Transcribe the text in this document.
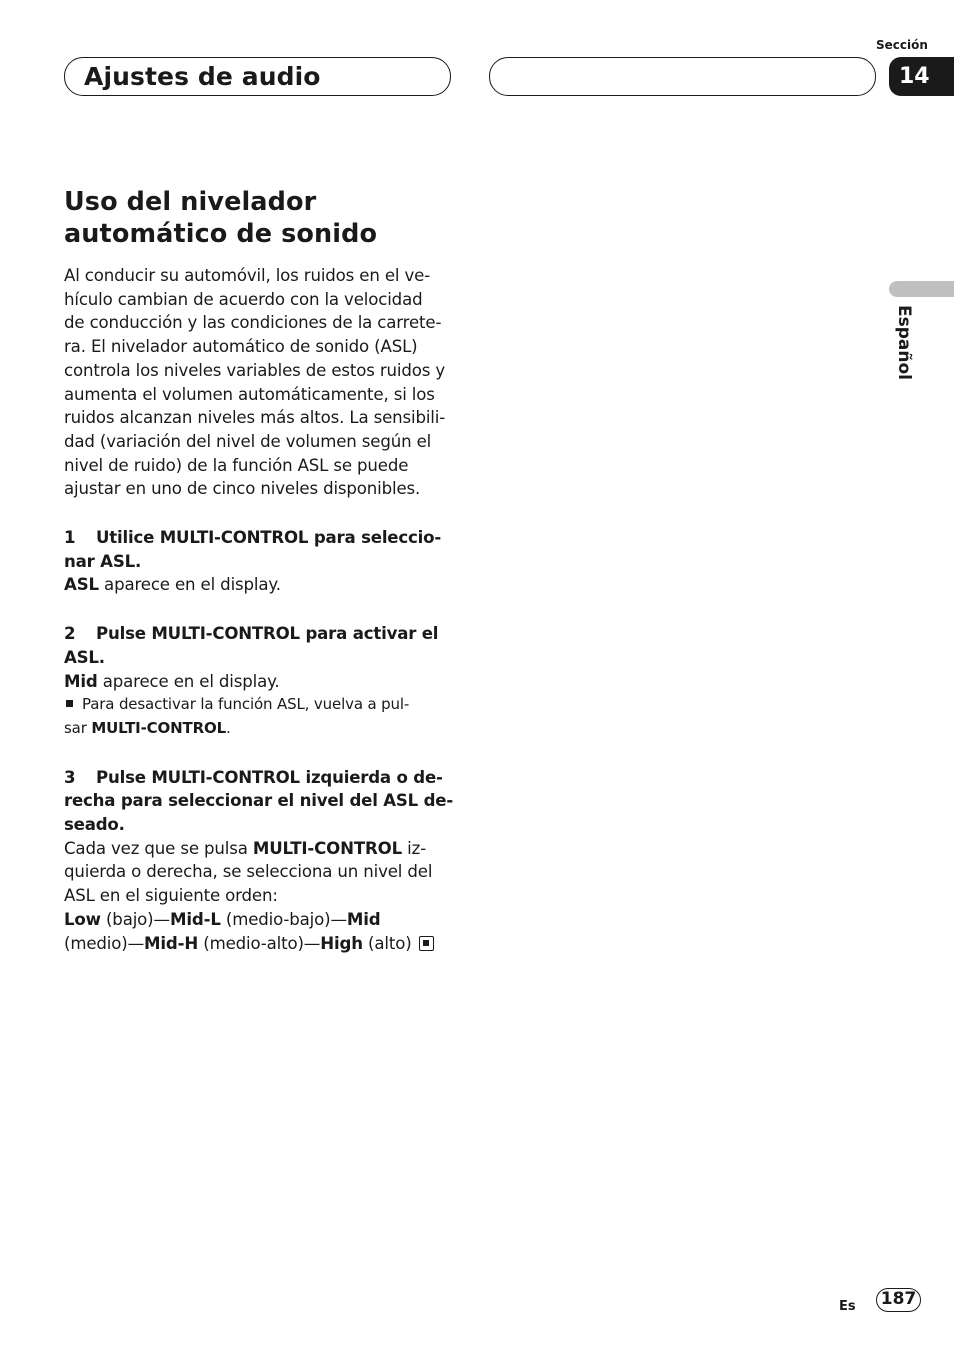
Ajustes de audio
Sección
14
Español
Uso del nivelador
automático de sonido

Al conducir su automóvil, los ruidos en el ve-
hículo cambian de acuerdo con la velocidad
de conducción y las condiciones de la carrete-
ra. El nivelador automático de sonido (ASL)
controla los niveles variables de estos ruidos y
aumenta el volumen automáticamente, si los
ruidos alcanzan niveles más altos. La sensibili-
dad (variación del nivel de volumen según el
nivel de ruido) de la función ASL se puede
ajustar en uno de cinco niveles disponibles.

1 Utilice MULTI-CONTROL para seleccio-
nar ASL.

ASL aparece en el display.

2 Pulse MULTI-CONTROL para activar el
ASL.

Mid aparece en el display.

Para desactivar la función ASL, vuelva a pul-
sar MULTI-CONTROL.

3 Pulse MULTI-CONTROL izquierda o de-
recha para seleccionar el nivel del ASL de-
seado.

Cada vez que se pulsa MULTI-CONTROL iz-
quierda o derecha, se selecciona un nivel del
ASL en el siguiente orden:
Low (bajo)—Mid-L (medio-bajo)—Mid
(medio)—Mid-H (medio-alto)—High (alto)

Es 187
